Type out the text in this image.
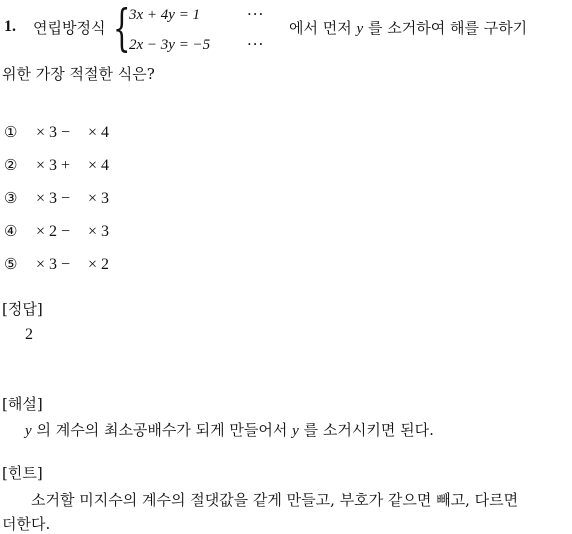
1. 연립방정식 {
3x + 4y = 1
2x − 3y = −5
···
···
에서 먼저 y 를 소거하여 해를 구하기
위한 가장 적절한 식은?
① × 3 − × 4
② × 3 + × 4
③ × 3 − × 3
④ × 2 − × 3
⑤ × 3 − × 2
[정답]
2
[해설]
y 의 계수의 최소공배수가 되게 만들어서 y 를 소거시키면 된다.
[힌트]
소거할 미지수의 계수의 절댓값을 같게 만들고, 부호가 같으면 빼고, 다르면
더한다.
